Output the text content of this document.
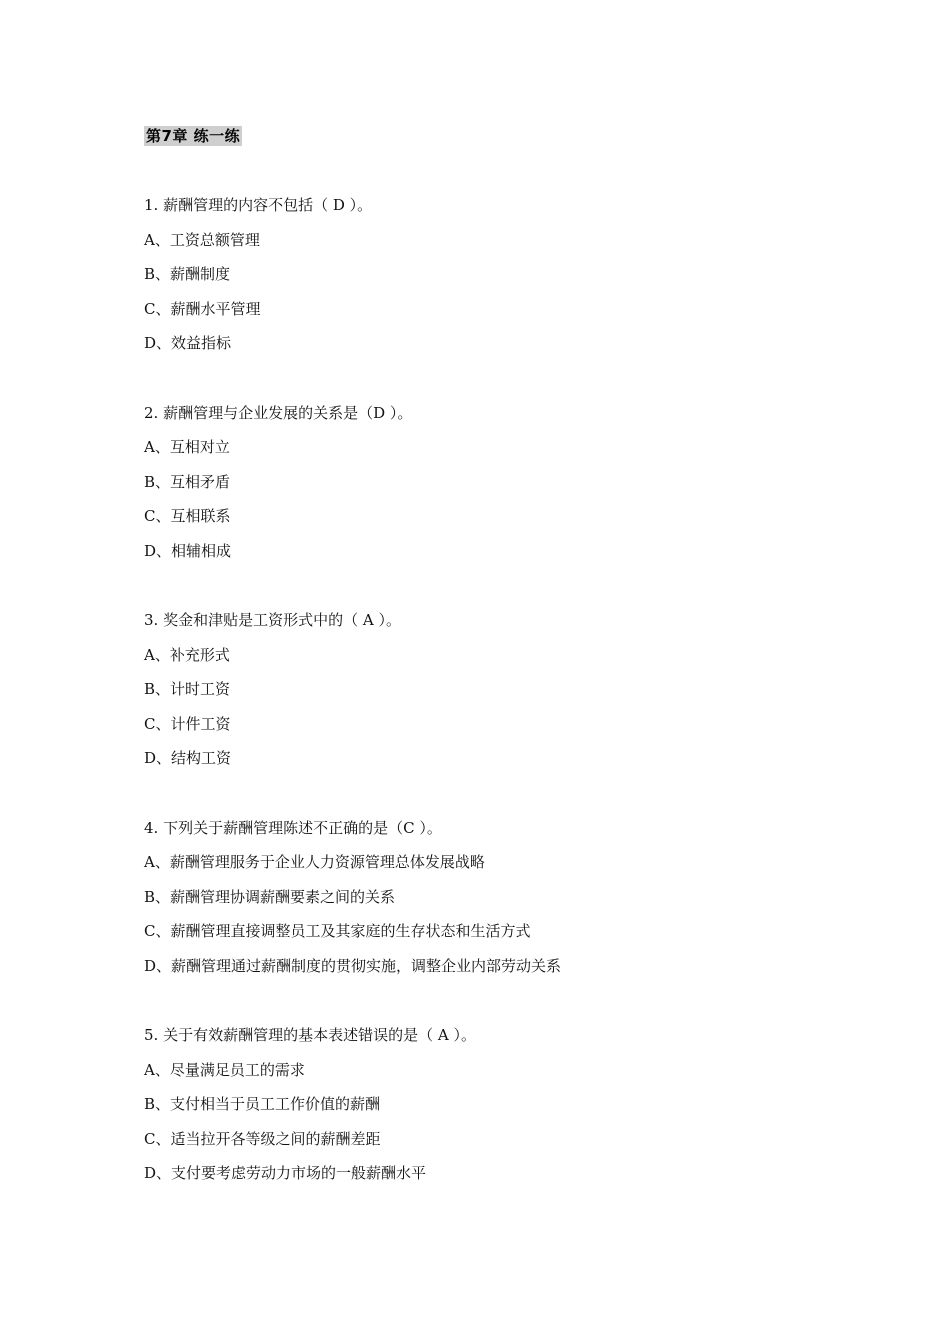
第7章 练一练
1. 薪酬管理的内容不包括（ D ）。
A、工资总额管理
B、薪酬制度
C、薪酬水平管理
D、效益指标
2. 薪酬管理与企业发展的关系是（D ）。
A、互相对立
B、互相矛盾
C、互相联系
D、相辅相成
3. 奖金和津贴是工资形式中的（ A ）。
A、补充形式
B、计时工资
C、计件工资
D、结构工资
4. 下列关于薪酬管理陈述不正确的是（C ）。
A、薪酬管理服务于企业人力资源管理总体发展战略
B、薪酬管理协调薪酬要素之间的关系
C、薪酬管理直接调整员工及其家庭的生存状态和生活方式
D、薪酬管理通过薪酬制度的贯彻实施，调整企业内部劳动关系
5. 关于有效薪酬管理的基本表述错误的是（ A ）。
A、尽量满足员工的需求
B、支付相当于员工工作价值的薪酬
C、适当拉开各等级之间的薪酬差距
D、支付要考虑劳动力市场的一般薪酬水平
